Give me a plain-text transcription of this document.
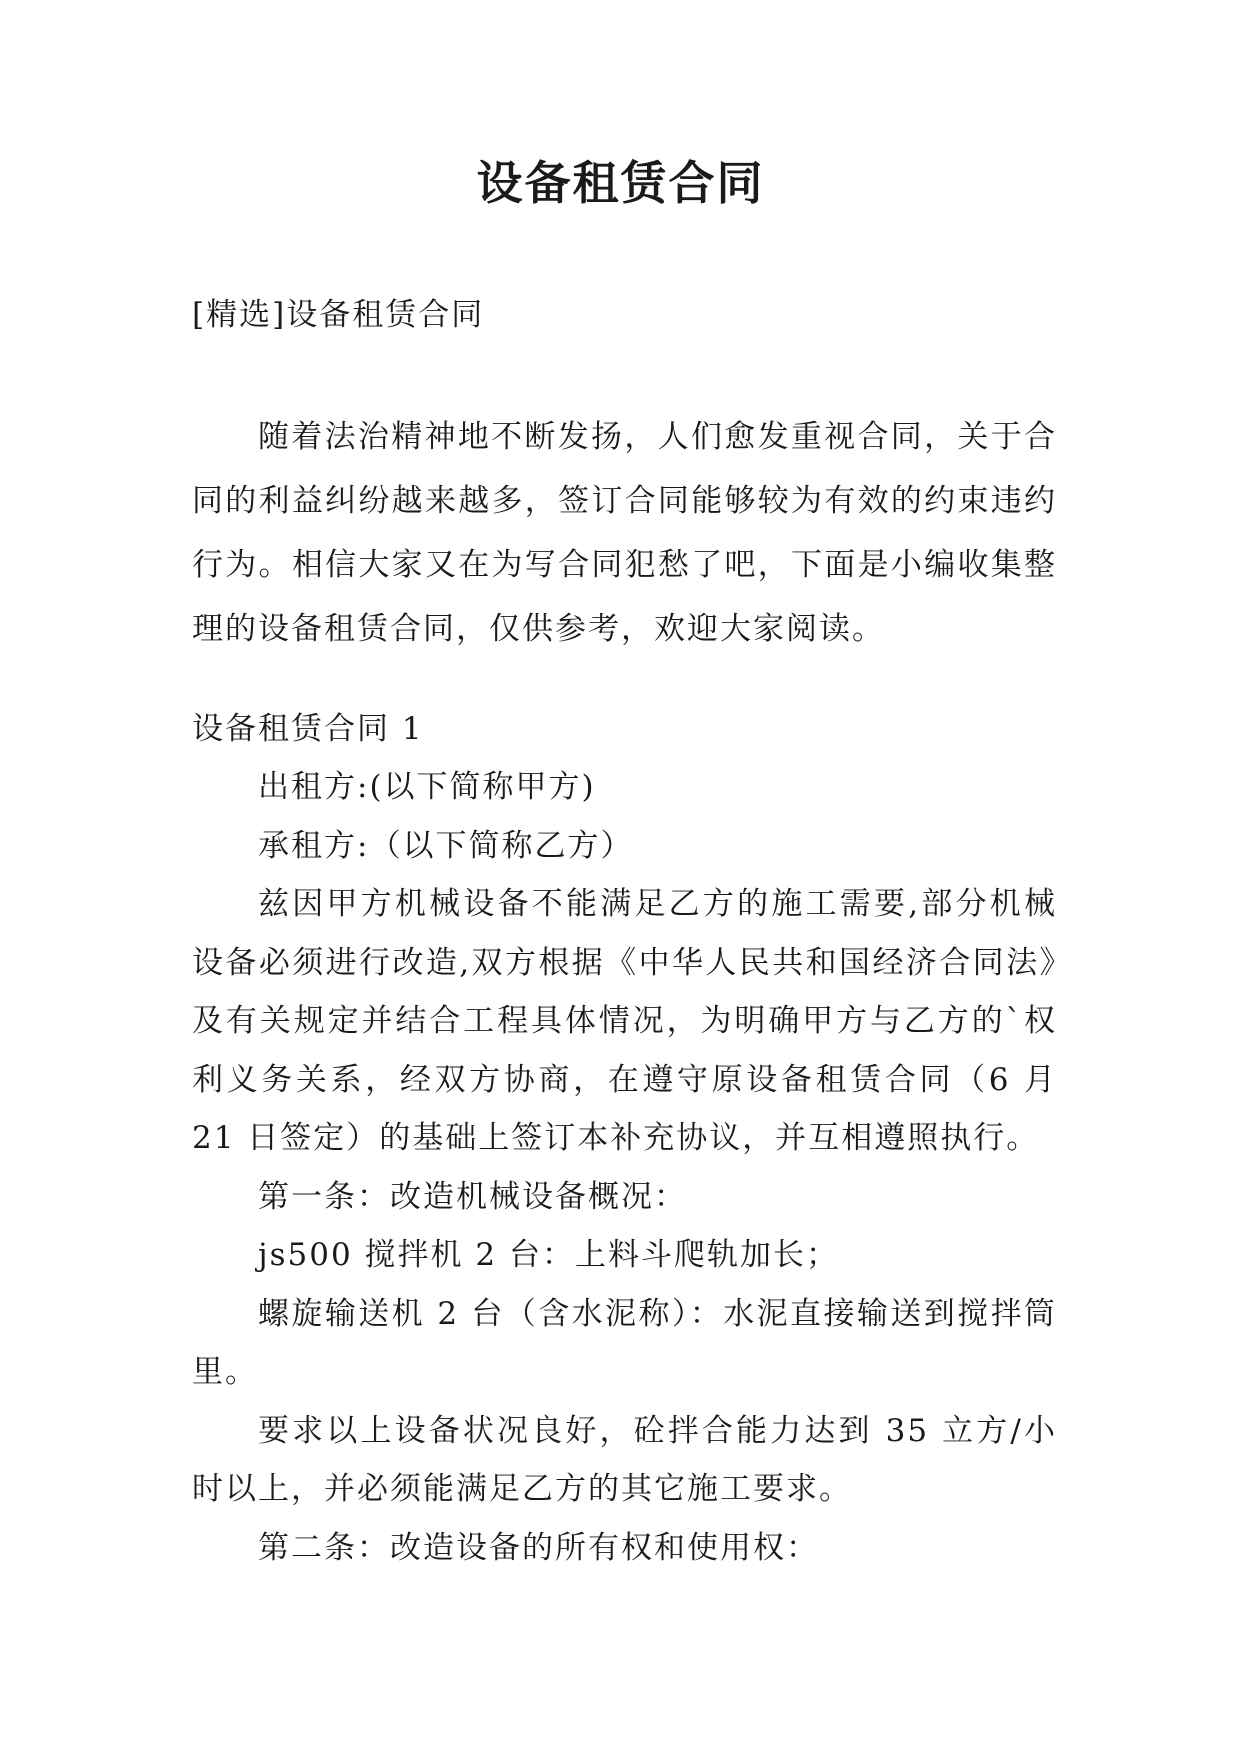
设备租赁合同

[精选]设备租赁合同

随着法治精神地不断发扬，人们愈发重视合同，关于合同的利益纠纷越来越多，签订合同能够较为有效的约束违约行为。相信大家又在为写合同犯愁了吧，下面是小编收集整理的设备租赁合同，仅供参考，欢迎大家阅读。

设备租赁合同 1

出租方:(以下简称甲方)

承租方:（以下简称乙方）

兹因甲方机械设备不能满足乙方的施工需要,部分机械设备必须进行改造,双方根据《中华人民共和国经济合同法》及有关规定并结合工程具体情况，为明确甲方与乙方的`权利义务关系，经双方协商，在遵守原设备租赁合同（6 月 21 日签定）的基础上签订本补充协议，并互相遵照执行。

第一条：改造机械设备概况：

js500 搅拌机 2 台：上料斗爬轨加长；

螺旋输送机 2 台（含水泥称）：水泥直接输送到搅拌筒里。

要求以上设备状况良好，砼拌合能力达到 35 立方/小时以上，并必须能满足乙方的其它施工要求。

第二条：改造设备的所有权和使用权：
